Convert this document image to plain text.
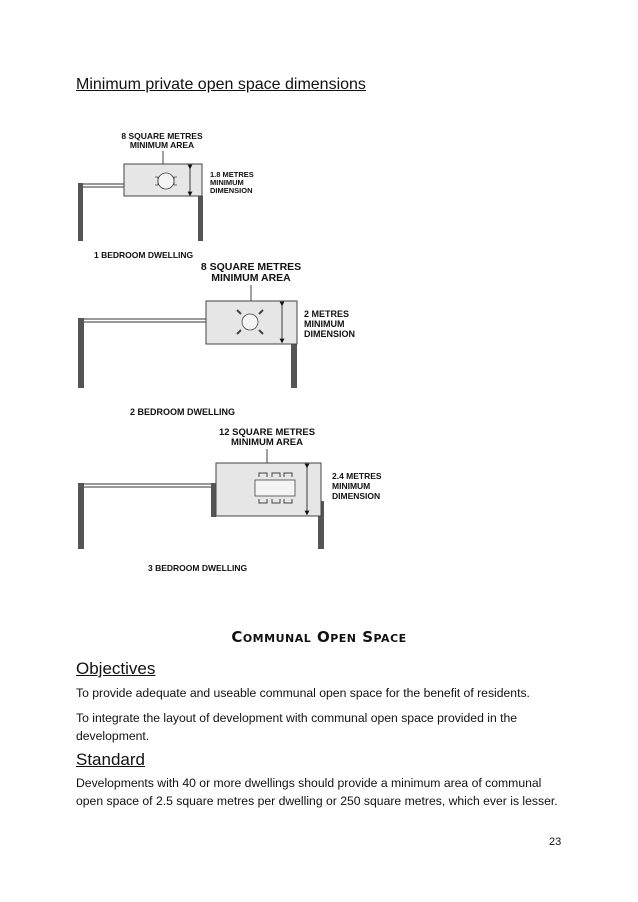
Minimum private open space dimensions
8 SQUARE METRES
MINIMUM AREA
1.8 METRES
MINIMUM
DIMENSION
1 BEDROOM DWELLING
8 SQUARE METRES
MINIMUM AREA
2 METRES
MINIMUM
DIMENSION
2 BEDROOM DWELLING
12 SQUARE METRES
MINIMUM AREA
2.4 METRES
MINIMUM
DIMENSION
3 BEDROOM DWELLING
Communal Open Space
Objectives
To provide adequate and useable communal open space for the benefit of residents.
To integrate the layout of development with communal open space provided in the development.
Standard
Developments with 40 or more dwellings should provide a minimum area of communal open space of 2.5 square metres per dwelling or 250 square metres, which ever is lesser.
23
